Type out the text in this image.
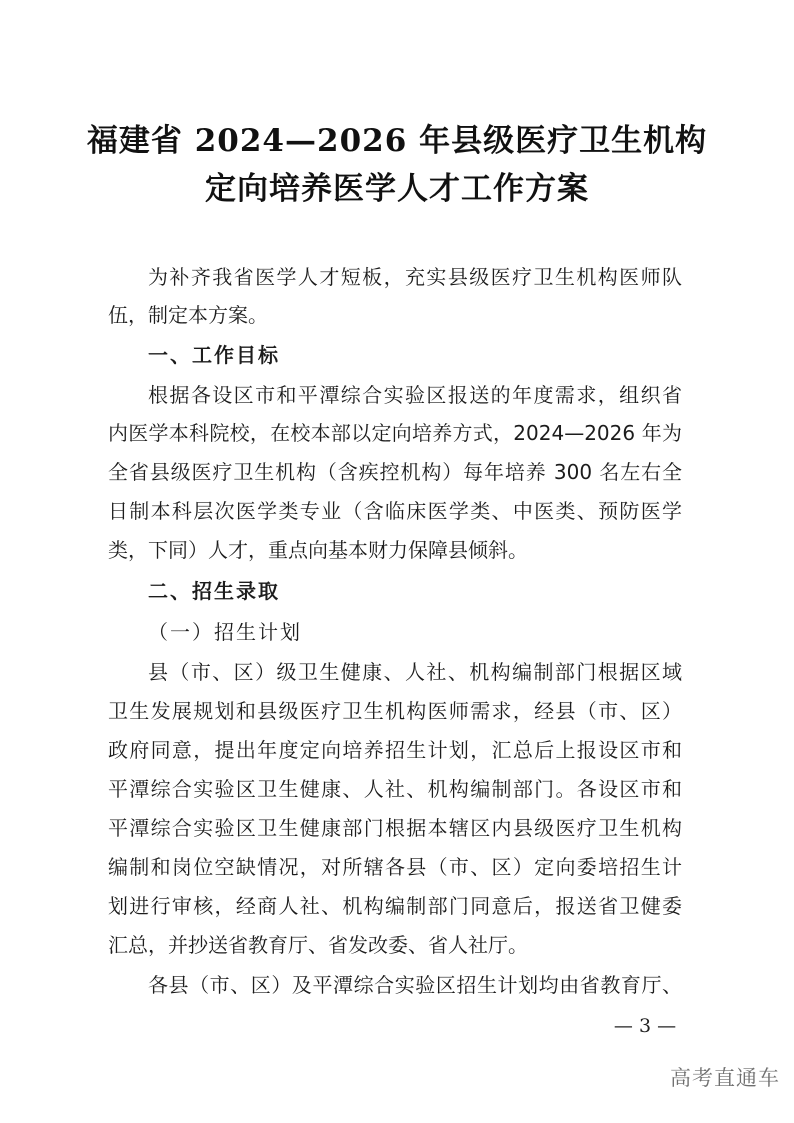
福建省 2024—2026 年县级医疗卫生机构
定向培养医学人才工作方案

为补齐我省医学人才短板，充实县级医疗卫生机构医师队

伍，制定本方案。

一、工作目标

根据各设区市和平潭综合实验区报送的年度需求，组织省

内医学本科院校，在校本部以定向培养方式，2024—2026 年为

全省县级医疗卫生机构（含疾控机构）每年培养 300 名左右全

日制本科层次医学类专业（含临床医学类、中医类、预防医学

类，下同）人才，重点向基本财力保障县倾斜。

二、招生录取

（一）招生计划

县（市、区）级卫生健康、人社、机构编制部门根据区域

卫生发展规划和县级医疗卫生机构医师需求，经县（市、区）

政府同意，提出年度定向培养招生计划，汇总后上报设区市和

平潭综合实验区卫生健康、人社、机构编制部门。各设区市和

平潭综合实验区卫生健康部门根据本辖区内县级医疗卫生机构

编制和岗位空缺情况，对所辖各县（市、区）定向委培招生计

划进行审核，经商人社、机构编制部门同意后，报送省卫健委

汇总，并抄送省教育厅、省发改委、省人社厅。

各县（市、区）及平潭综合实验区招生计划均由省教育厅、

— 3 —
高考直通车
